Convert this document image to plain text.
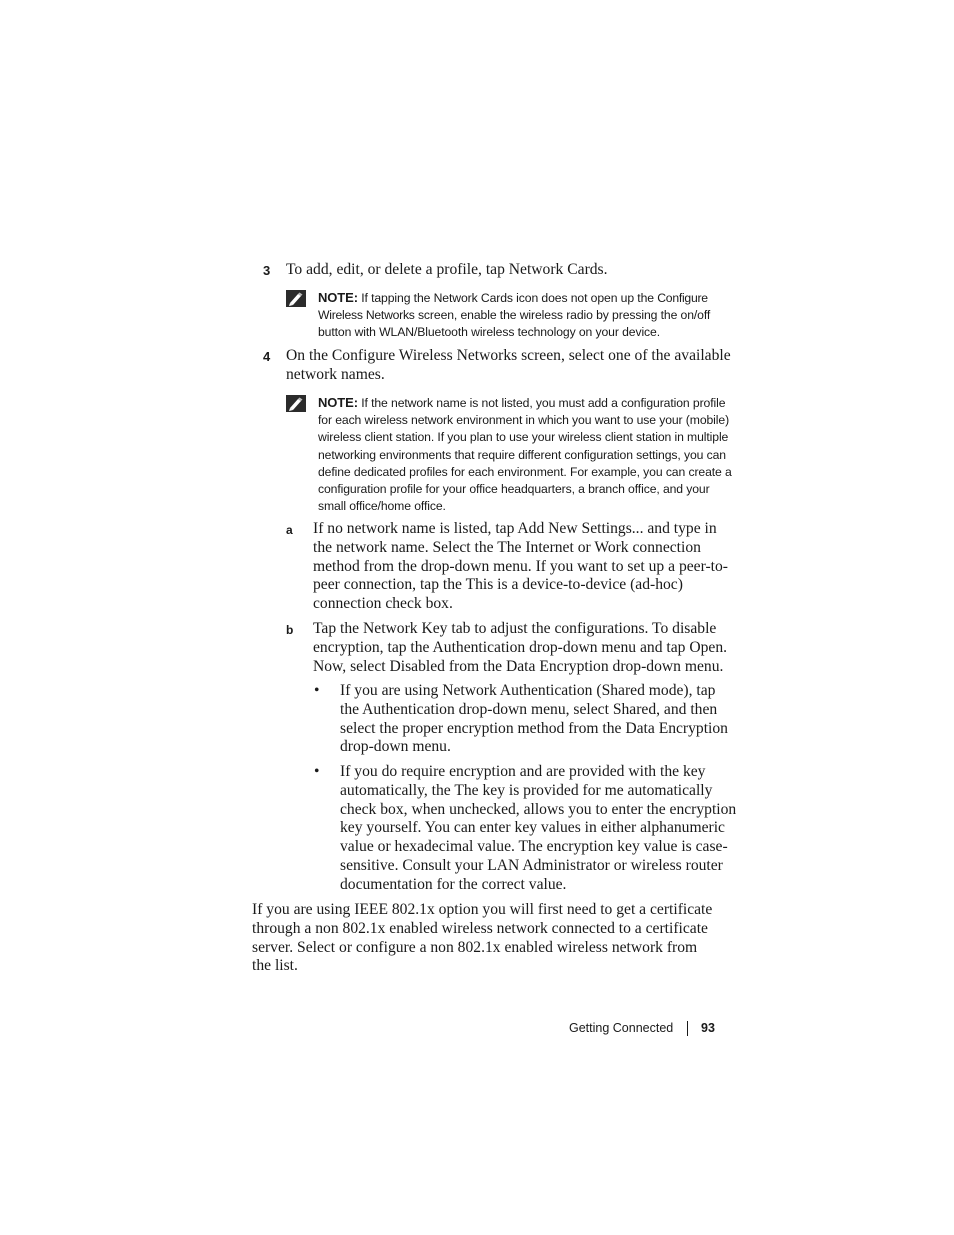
3 To add, edit, or delete a profile, tap Network Cards.
NOTE: If tapping the Network Cards icon does not open up the Configure Wireless Networks screen, enable the wireless radio by pressing the on/off button with WLAN/Bluetooth wireless technology on your device.
4 On the Configure Wireless Networks screen, select one of the available network names.
NOTE: If the network name is not listed, you must add a configuration profile for each wireless network environment in which you want to use your (mobile) wireless client station. If you plan to use your wireless client station in multiple networking environments that require different configuration settings, you can define dedicated profiles for each environment. For example, you can create a configuration profile for your office headquarters, a branch office, and your small office/home office.
a If no network name is listed, tap Add New Settings... and type in the network name. Select the The Internet or Work connection method from the drop-down menu. If you want to set up a peer-to-peer connection, tap the This is a device-to-device (ad-hoc) connection check box.
b Tap the Network Key tab to adjust the configurations. To disable encryption, tap the Authentication drop-down menu and tap Open. Now, select Disabled from the Data Encryption drop-down menu.
• If you are using Network Authentication (Shared mode), tap the Authentication drop-down menu, select Shared, and then select the proper encryption method from the Data Encryption drop-down menu.
• If you do require encryption and are provided with the key automatically, the The key is provided for me automatically check box, when unchecked, allows you to enter the encryption key yourself. You can enter key values in either alphanumeric value or hexadecimal value. The encryption key value is case-sensitive. Consult your LAN Administrator or wireless router documentation for the correct value.
If you are using IEEE 802.1x option you will first need to get a certificate through a non 802.1x enabled wireless network connected to a certificate server. Select or configure a non 802.1x enabled wireless network from the list.
Getting Connected 93
